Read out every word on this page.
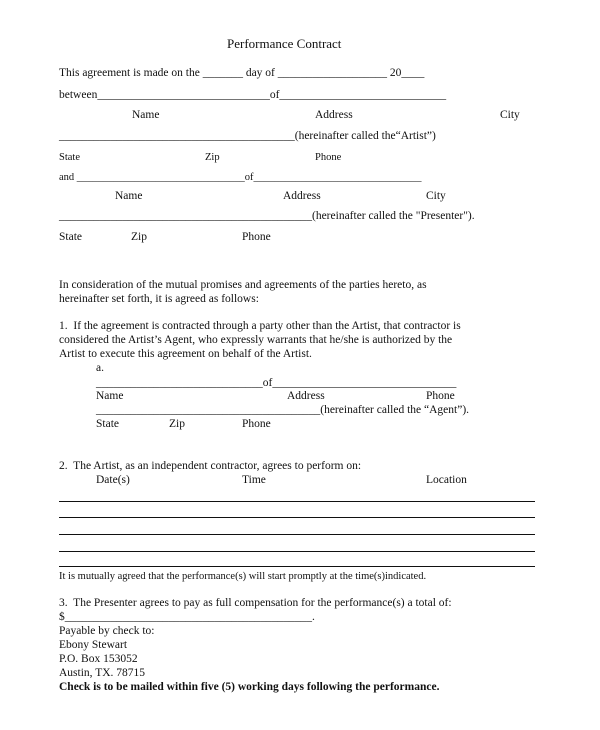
Performance Contract
This agreement is made on the _______ day of ___________________ 20____
between______________________________of_____________________________
Name	Address	City
_________________________________________(hereinafter called the“Artist”)
State	Zip	Phone
and ________________________________of________________________________
Name	Address	City
____________________________________________(hereinafter called the "Presenter").
State	Zip	Phone
In consideration of the mutual promises and agreements of the parties hereto, as
hereinafter set forth, it is agreed as follows:
1.  If the agreement is contracted through a party other than the Artist, that contractor is
considered the Artist’s Agent, who expressly warrants that he/she is authorized by the
Artist to execute this agreement on behalf of the Artist.
a.
_____________________________of________________________________
Name	Address	Phone
_______________________________________(hereinafter called the “Agent”).
State	Zip	Phone
2.  The Artist, as an independent contractor, agrees to perform on:
Date(s)	Time	Location
It is mutually agreed that the performance(s) will start promptly at the time(s)indicated.
3.  The Presenter agrees to pay as full compensation for the performance(s) a total of:
$___________________________________________.
Payable by check to:
Ebony Stewart
P.O. Box 153052
Austin, TX. 78715
Check is to be mailed within five (5) working days following the performance.
